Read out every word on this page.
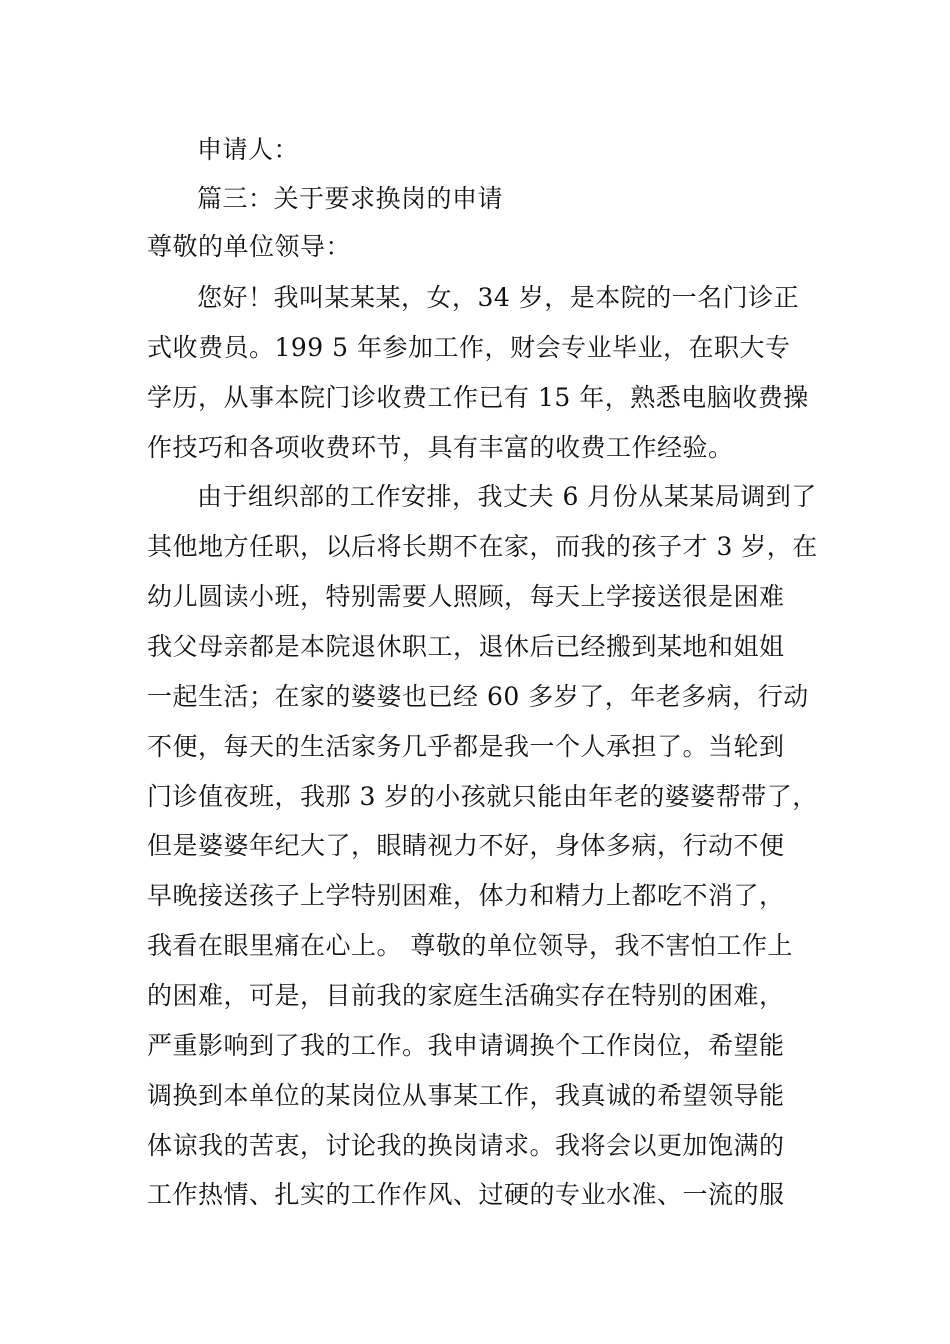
申请人：
篇三：关于要求换岗的申请
尊敬的单位领导：
您好！我叫某某某，女，34 岁，是本院的一名门诊正
式收费员。199 5 年参加工作，财会专业毕业，在职大专
学历，从事本院门诊收费工作已有 15 年，熟悉电脑收费操
作技巧和各项收费环节，具有丰富的收费工作经验。
由于组织部的工作安排，我丈夫 6 月份从某某局调到了
其他地方任职，以后将长期不在家，而我的孩子才 3 岁，在
幼儿圆读小班，特别需要人照顾，每天上学接送很是困难
我父母亲都是本院退休职工，退休后已经搬到某地和姐姐
一起生活；在家的婆婆也已经 60 多岁了，年老多病，行动
不便，每天的生活家务几乎都是我一个人承担了。当轮到
门诊值夜班，我那 3 岁的小孩就只能由年老的婆婆帮带了，
但是婆婆年纪大了，眼睛视力不好，身体多病，行动不便
早晚接送孩子上学特别困难，体力和精力上都吃不消了，
我看在眼里痛在心上。 尊敬的单位领导，我不害怕工作上
的困难，可是，目前我的家庭生活确实存在特别的困难，
严重影响到了我的工作。我申请调换个工作岗位，希望能
调换到本单位的某岗位从事某工作，我真诚的希望领导能
体谅我的苦衷，讨论我的换岗请求。我将会以更加饱满的
工作热情、扎实的工作作风、过硬的专业水准、一流的服
